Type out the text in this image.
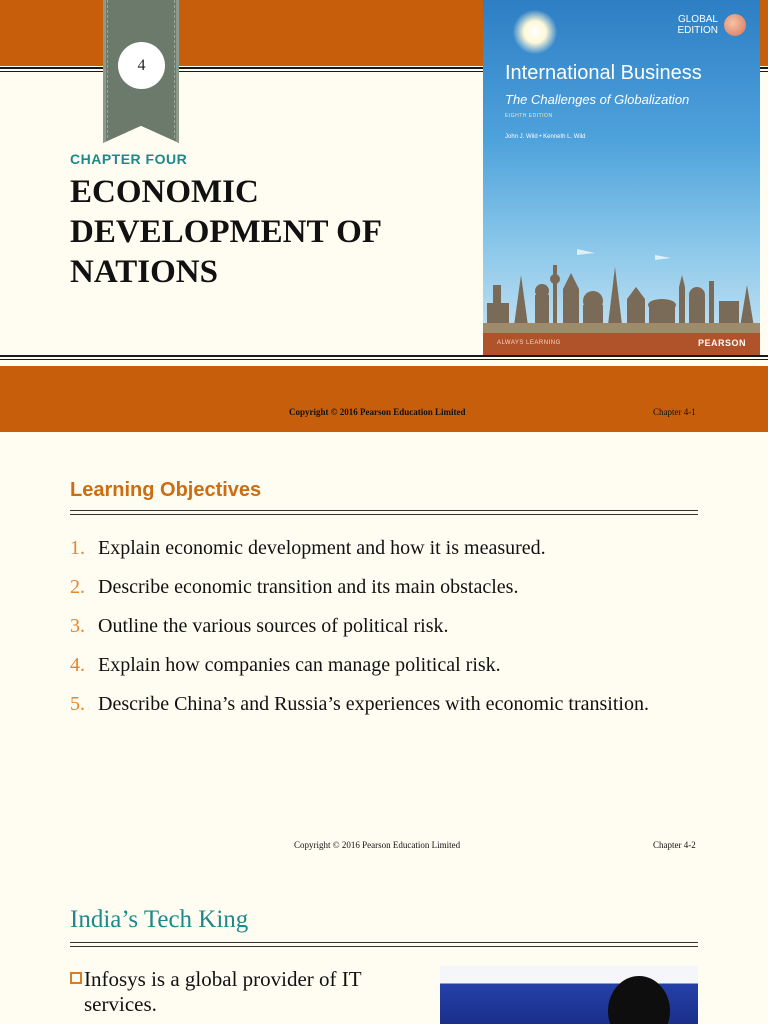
4
CHAPTER FOUR
ECONOMIC
DEVELOPMENT OF
NATIONS
GLOBAL
EDITION
International Business
The Challenges of Globalization
EIGHTH EDITION
John J. Wild • Kenneth L. Wild
ALWAYS LEARNING	PEARSON
Copyright © 2016 Pearson Education Limited	Chapter 4-1
Learning Objectives
1. Explain economic development and how it is measured.
2. Describe economic transition and its main obstacles.
3. Outline the various sources of political risk.
4. Explain how companies can manage political risk.
5. Describe China’s and Russia’s experiences with economic transition.
Copyright © 2016 Pearson Education Limited	Chapter 4-2
India’s Tech King
Infosys is a global provider of IT services.
